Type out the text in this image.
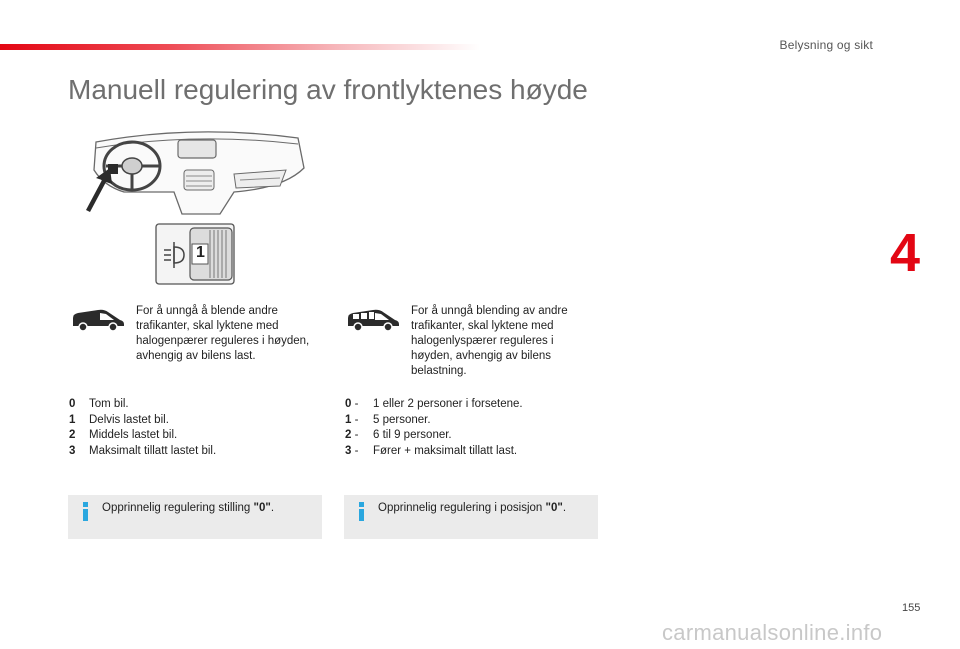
Belysning og sikt
Manuell regulering av frontlyktenes høyde
4
1

For å unngå å blende andre trafikanter, skal lyktene med halogenpærer reguleres i høyden, avhengig av bilens last.

0	Tom bil.
1	Delvis lastet bil.
2	Middels lastet bil.
3	Maksimalt tillatt lastet bil.
Opprinnelig regulering stilling "0".

For å unngå blending av andre trafikanter, skal lyktene med halogenlyspærer reguleres i høyden, avhengig av bilens belastning.

0 -	1 eller 2 personer i forsetene.
1 -	5 personer.
2 -	6 til 9 personer.
3 -	Fører + maksimalt tillatt last.
Opprinnelig regulering i posisjon "0".
155
carmanualsonline.info
